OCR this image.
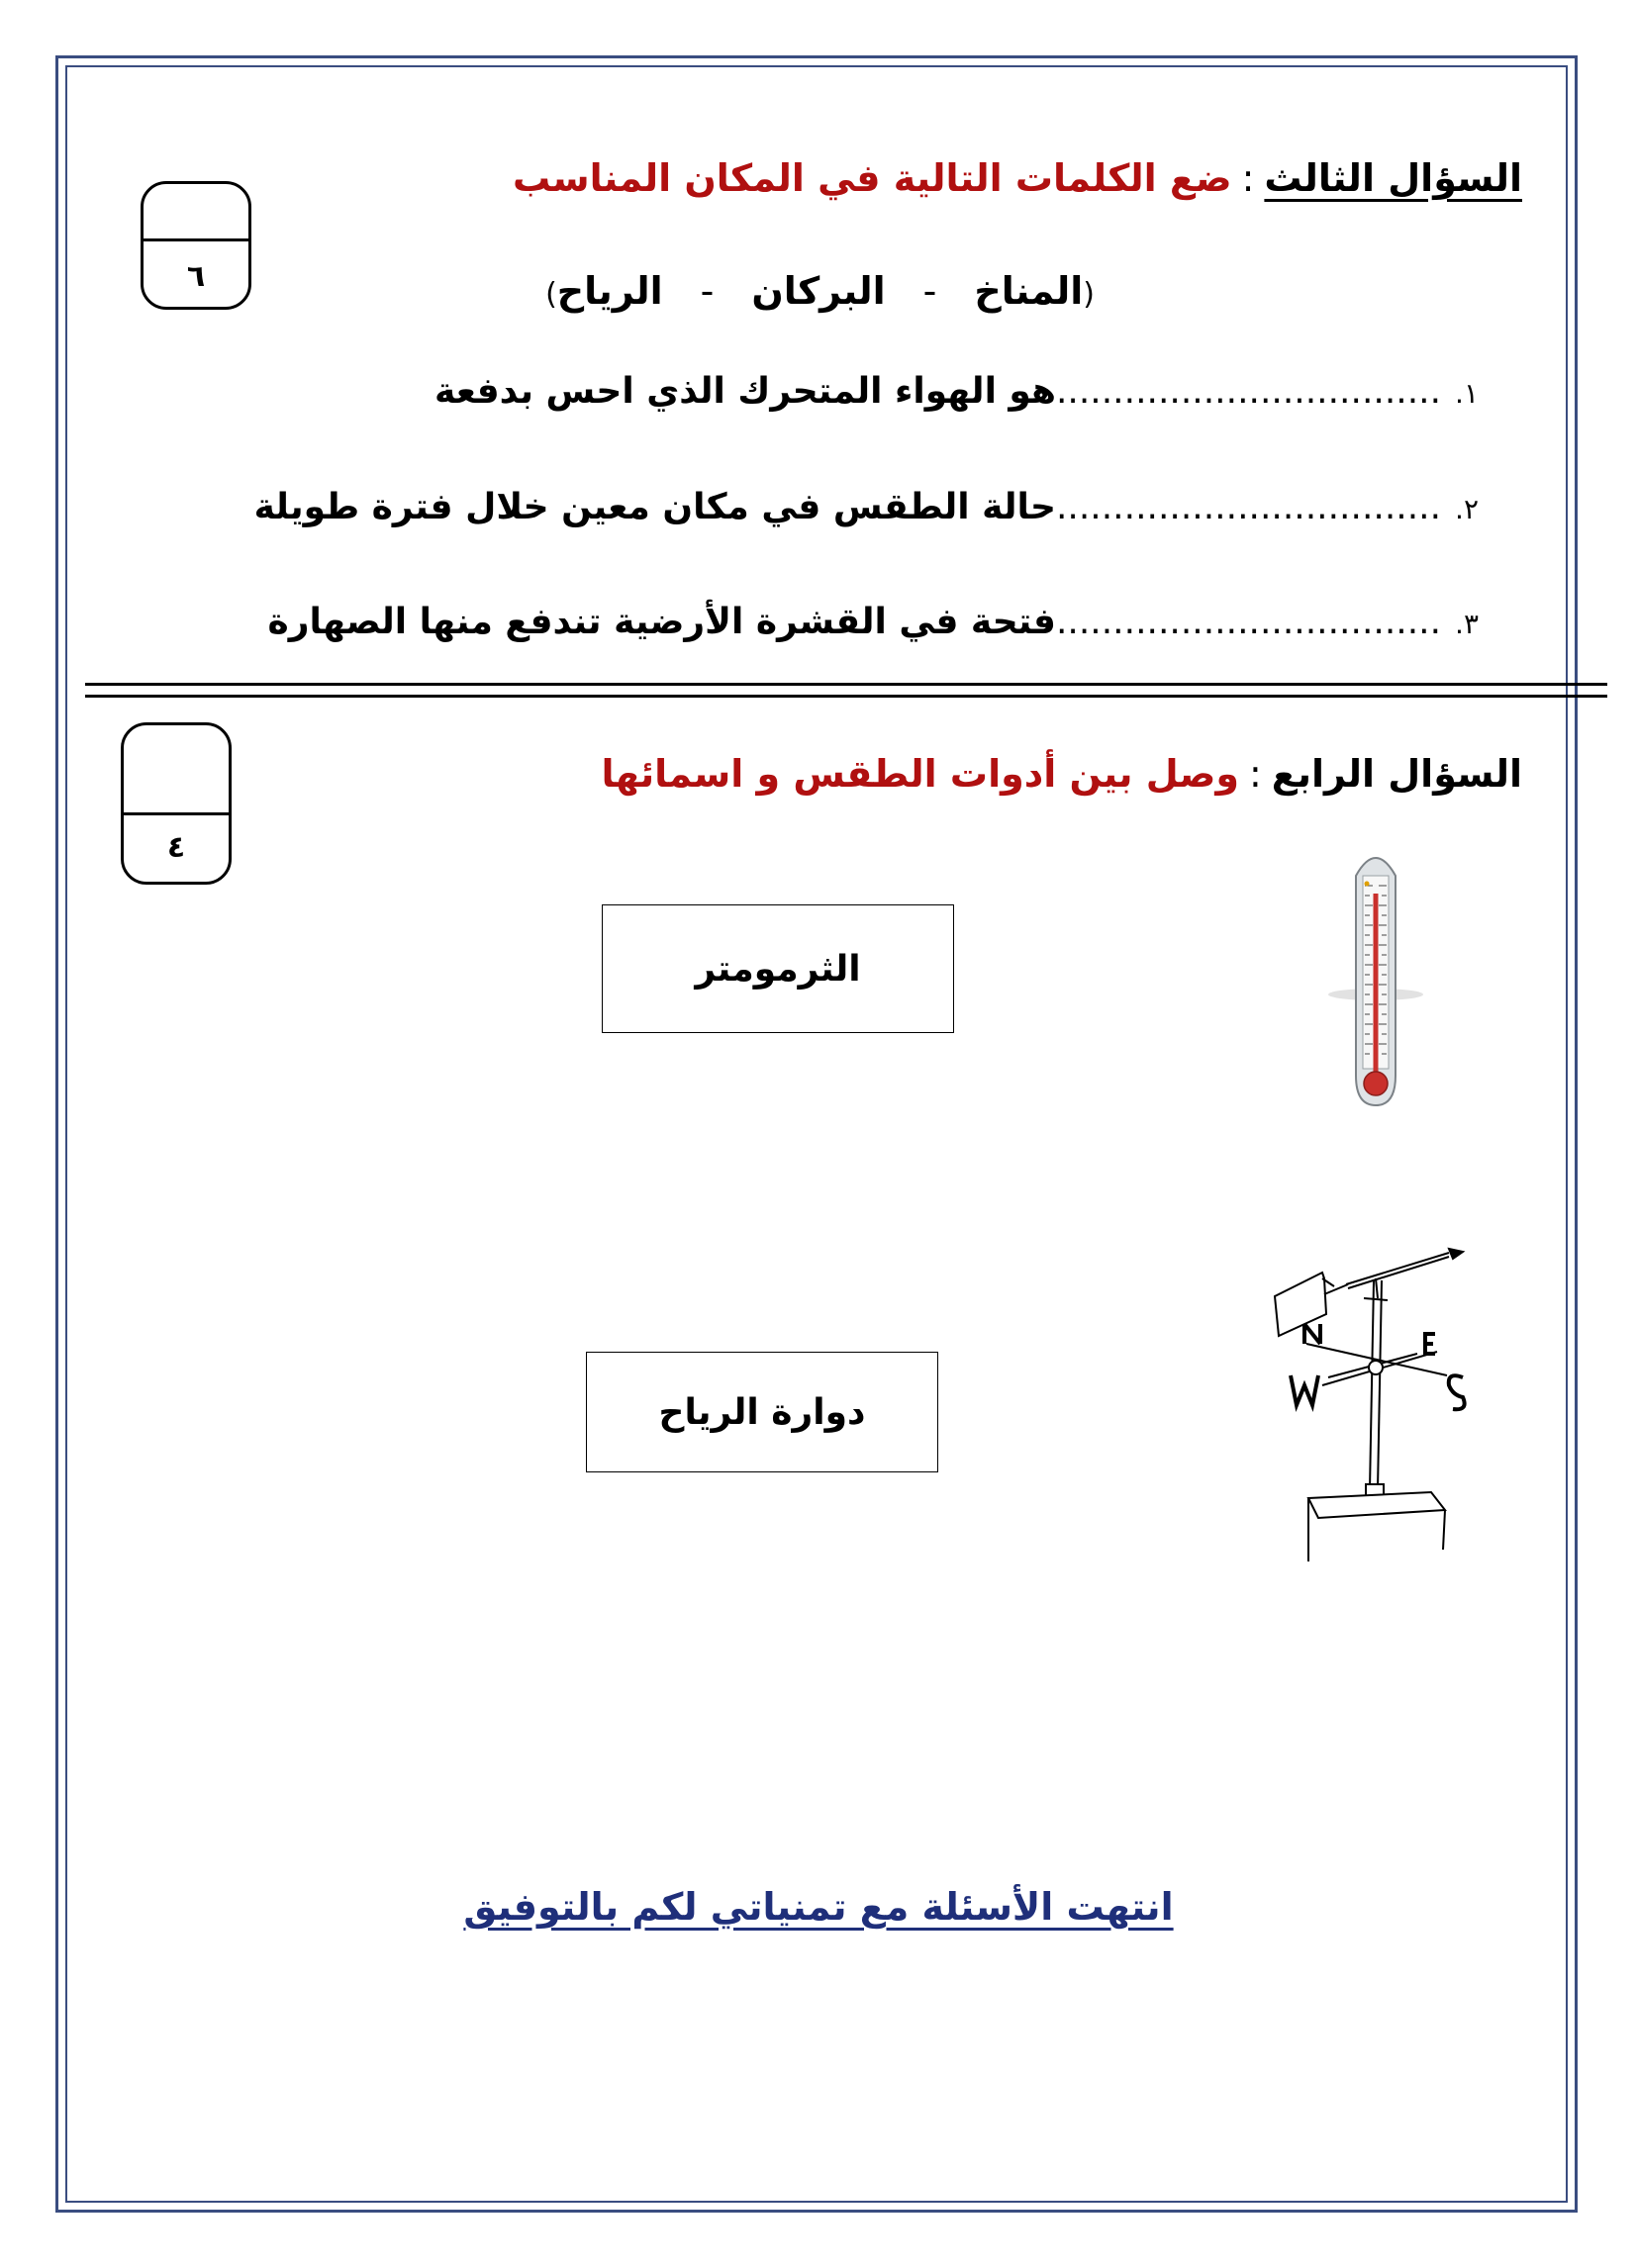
السؤال الثالث:ضع الكلمات التالية في المكان المناسب
٦
(المناخ-البركان-الرياح)
١...................................هو الهواء المتحرك الذي احس بدفعة
٢...................................حالة الطقس في مكان معين خلال فترة طويلة
٣...................................فتحة في القشرة الأرضية تندفع منها الصهارة
السؤال الرابع:وصل بين أدوات الطقس و اسمائها
٤
الثرمومتر
دوارة الرياح
انتهت الأسئلة مع تمنياتي لكم بالتوفيق
